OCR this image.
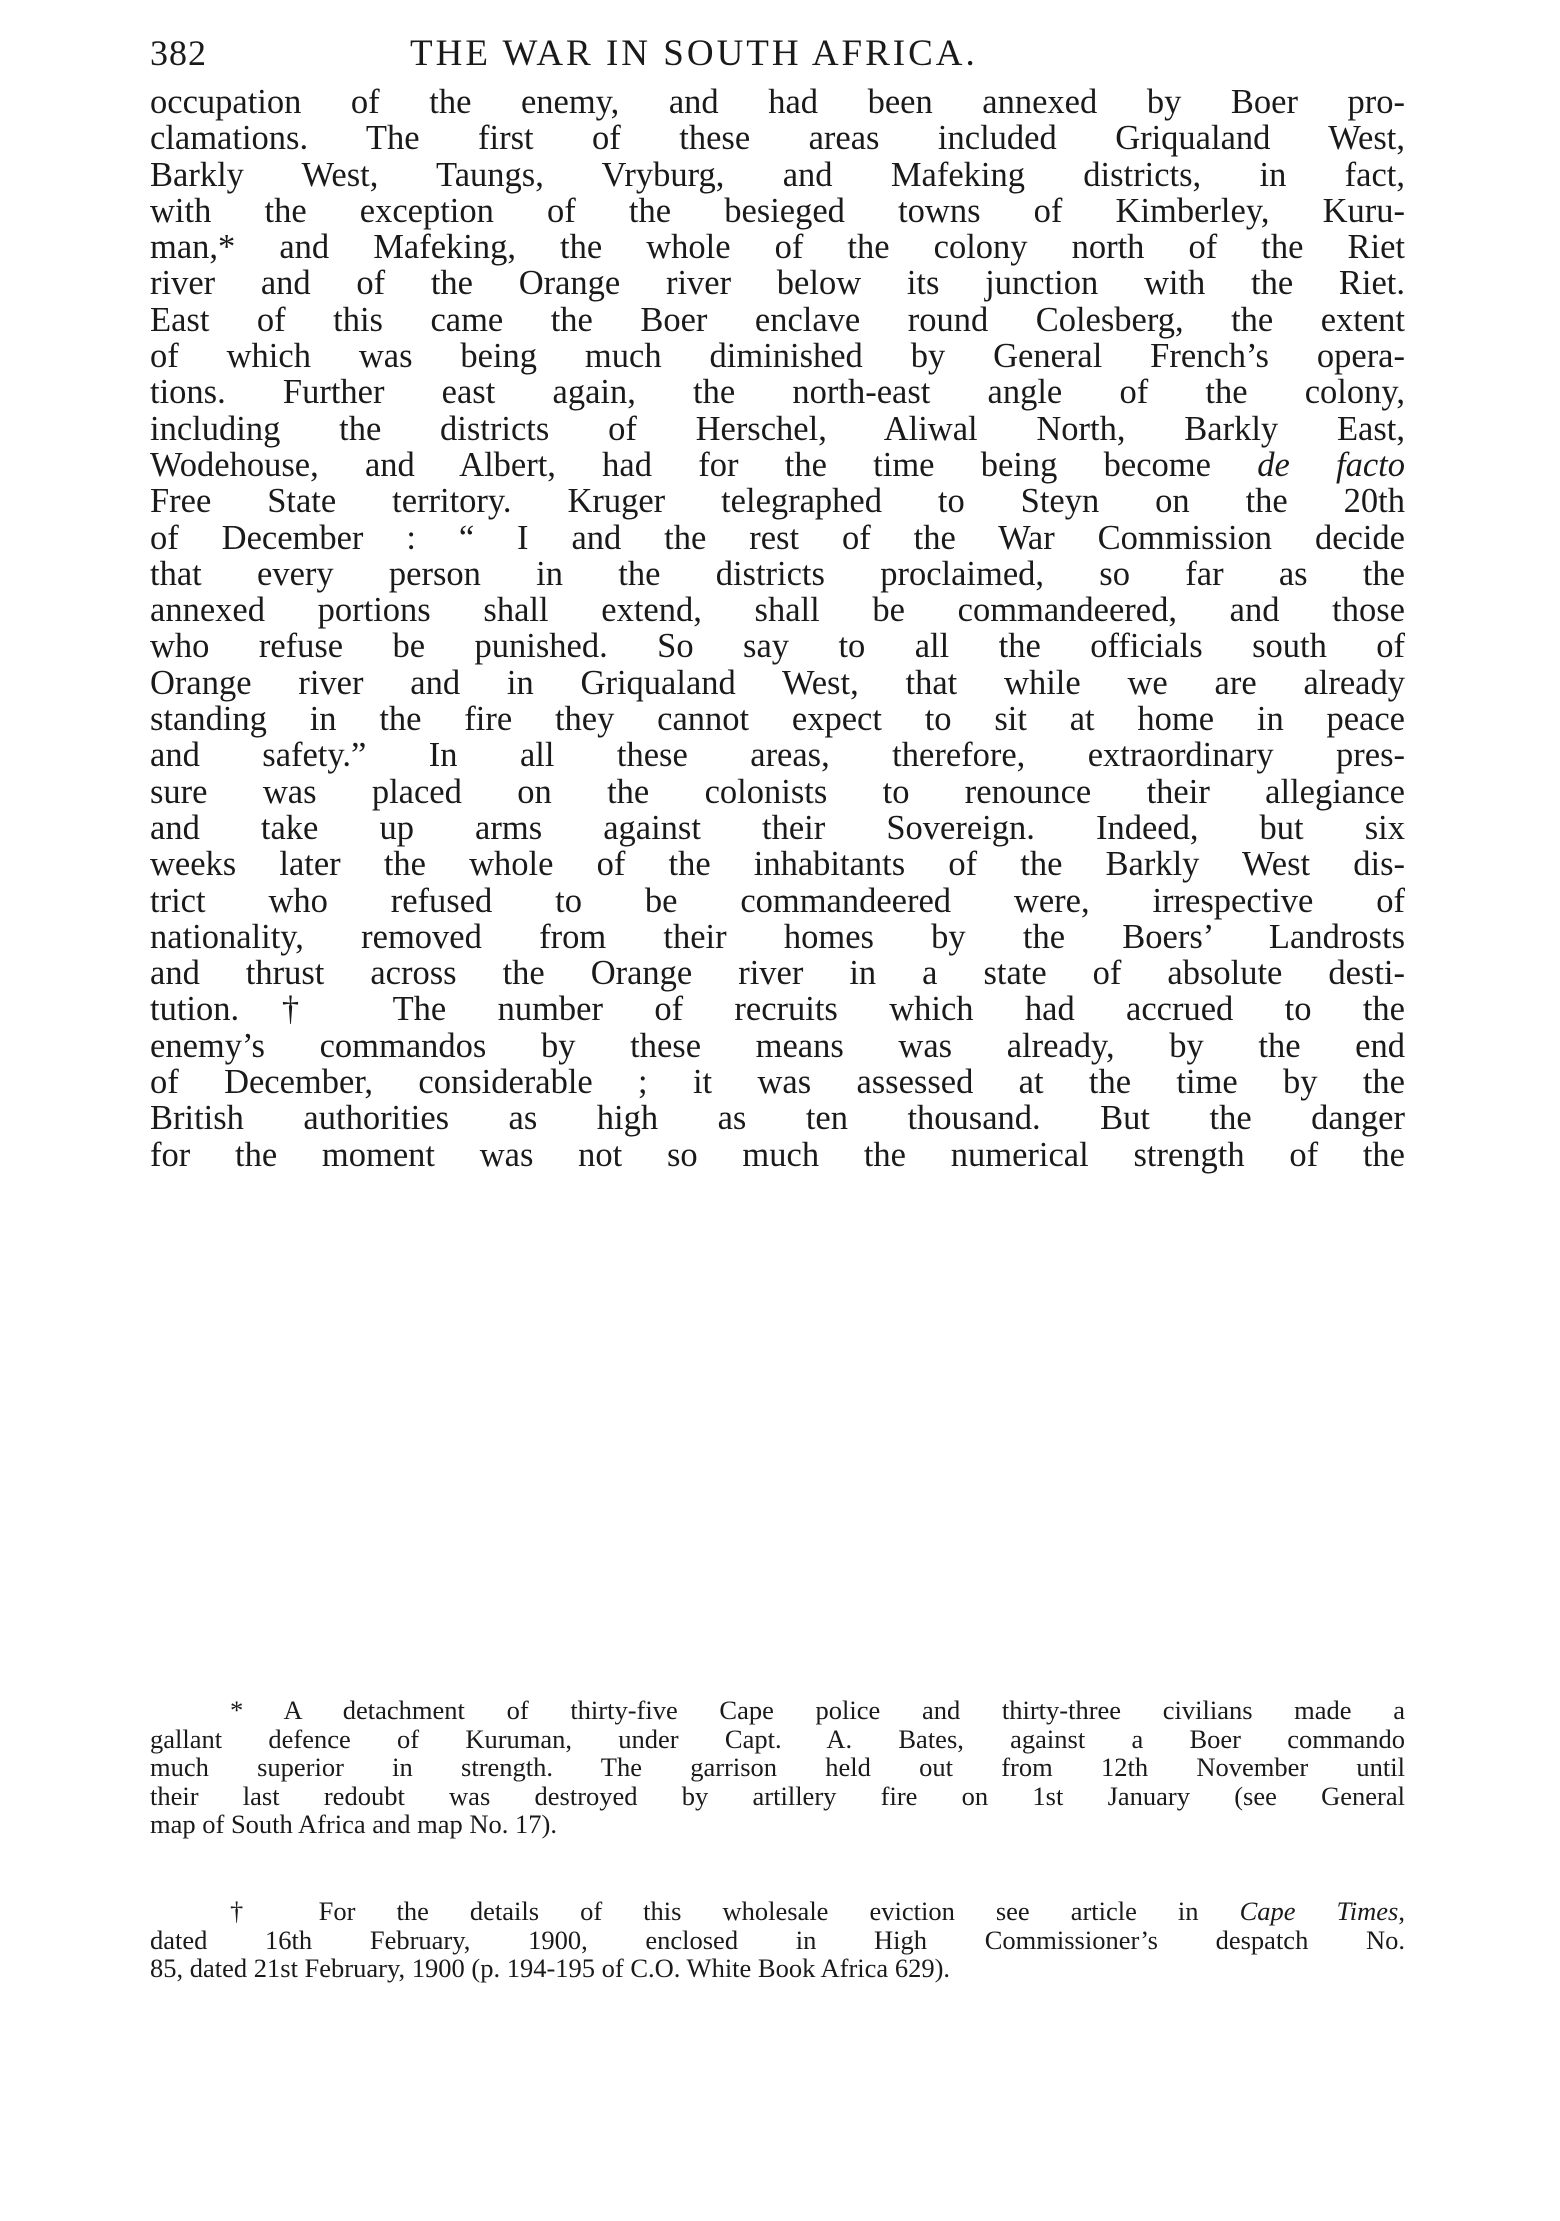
382	THE WAR IN SOUTH AFRICA.
occupation of the enemy, and had been annexed by Boer pro-
clamations. The first of these areas included Griqualand West,
Barkly West, Taungs, Vryburg, and Mafeking districts, in fact,
with the exception of the besieged towns of Kimberley, Kuru-
man,* and Mafeking, the whole of the colony north of the Riet
river and of the Orange river below its junction with the Riet.
East of this came the Boer enclave round Colesberg, the extent
of which was being much diminished by General French’s opera-
tions. Further east again, the north-east angle of the colony,
including the districts of Herschel, Aliwal North, Barkly East,
Wodehouse, and Albert, had for the time being become de facto
Free State territory. Kruger telegraphed to Steyn on the 20th
of December : “ I and the rest of the War Commission decide
that every person in the districts proclaimed, so far as the
annexed portions shall extend, shall be commandeered, and those
who refuse be punished. So say to all the officials south of
Orange river and in Griqualand West, that while we are already
standing in the fire they cannot expect to sit at home in peace
and safety.” In all these areas, therefore, extraordinary pres-
sure was placed on the colonists to renounce their allegiance
and take up arms against their Sovereign. Indeed, but six
weeks later the whole of the inhabitants of the Barkly West dis-
trict who refused to be commandeered were, irrespective of
nationality, removed from their homes by the Boers’ Landrosts
and thrust across the Orange river in a state of absolute desti-
tution.† The number of recruits which had accrued to the
enemy’s commandos by these means was already, by the end
of December, considerable ; it was assessed at the time by the
British authorities as high as ten thousand. But the danger
for the moment was not so much the numerical strength of the
* A detachment of thirty-five Cape police and thirty-three civilians made a
gallant defence of Kuruman, under Capt. A. Bates, against a Boer commando
much superior in strength. The garrison held out from 12th November until
their last redoubt was destroyed by artillery fire on 1st January (see General
map of South Africa and map No. 17).
† For the details of this wholesale eviction see article in Cape Times,
dated 16th February, 1900, enclosed in High Commissioner’s despatch No.
85, dated 21st February, 1900 (p. 194-195 of C.O. White Book Africa 629).
